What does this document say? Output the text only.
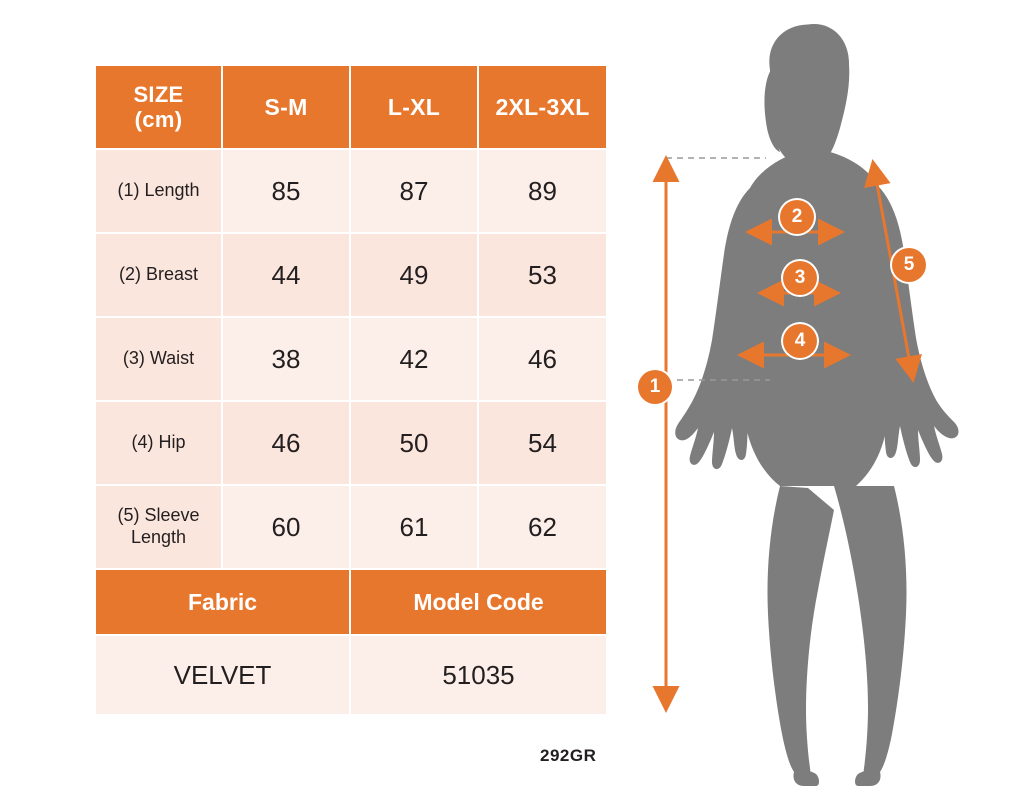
SIZE
(cm)	S-M	L-XL	2XL-3XL
(1) Length	85	87	89
(2) Breast	44	49	53
(3) Waist	38	42	46
(4) Hip	46	50	54

(5) Sleeve
Length	60	61	62
Fabric		Model Code	
VELVET		51035	
292GR
1
2
3
4
5
